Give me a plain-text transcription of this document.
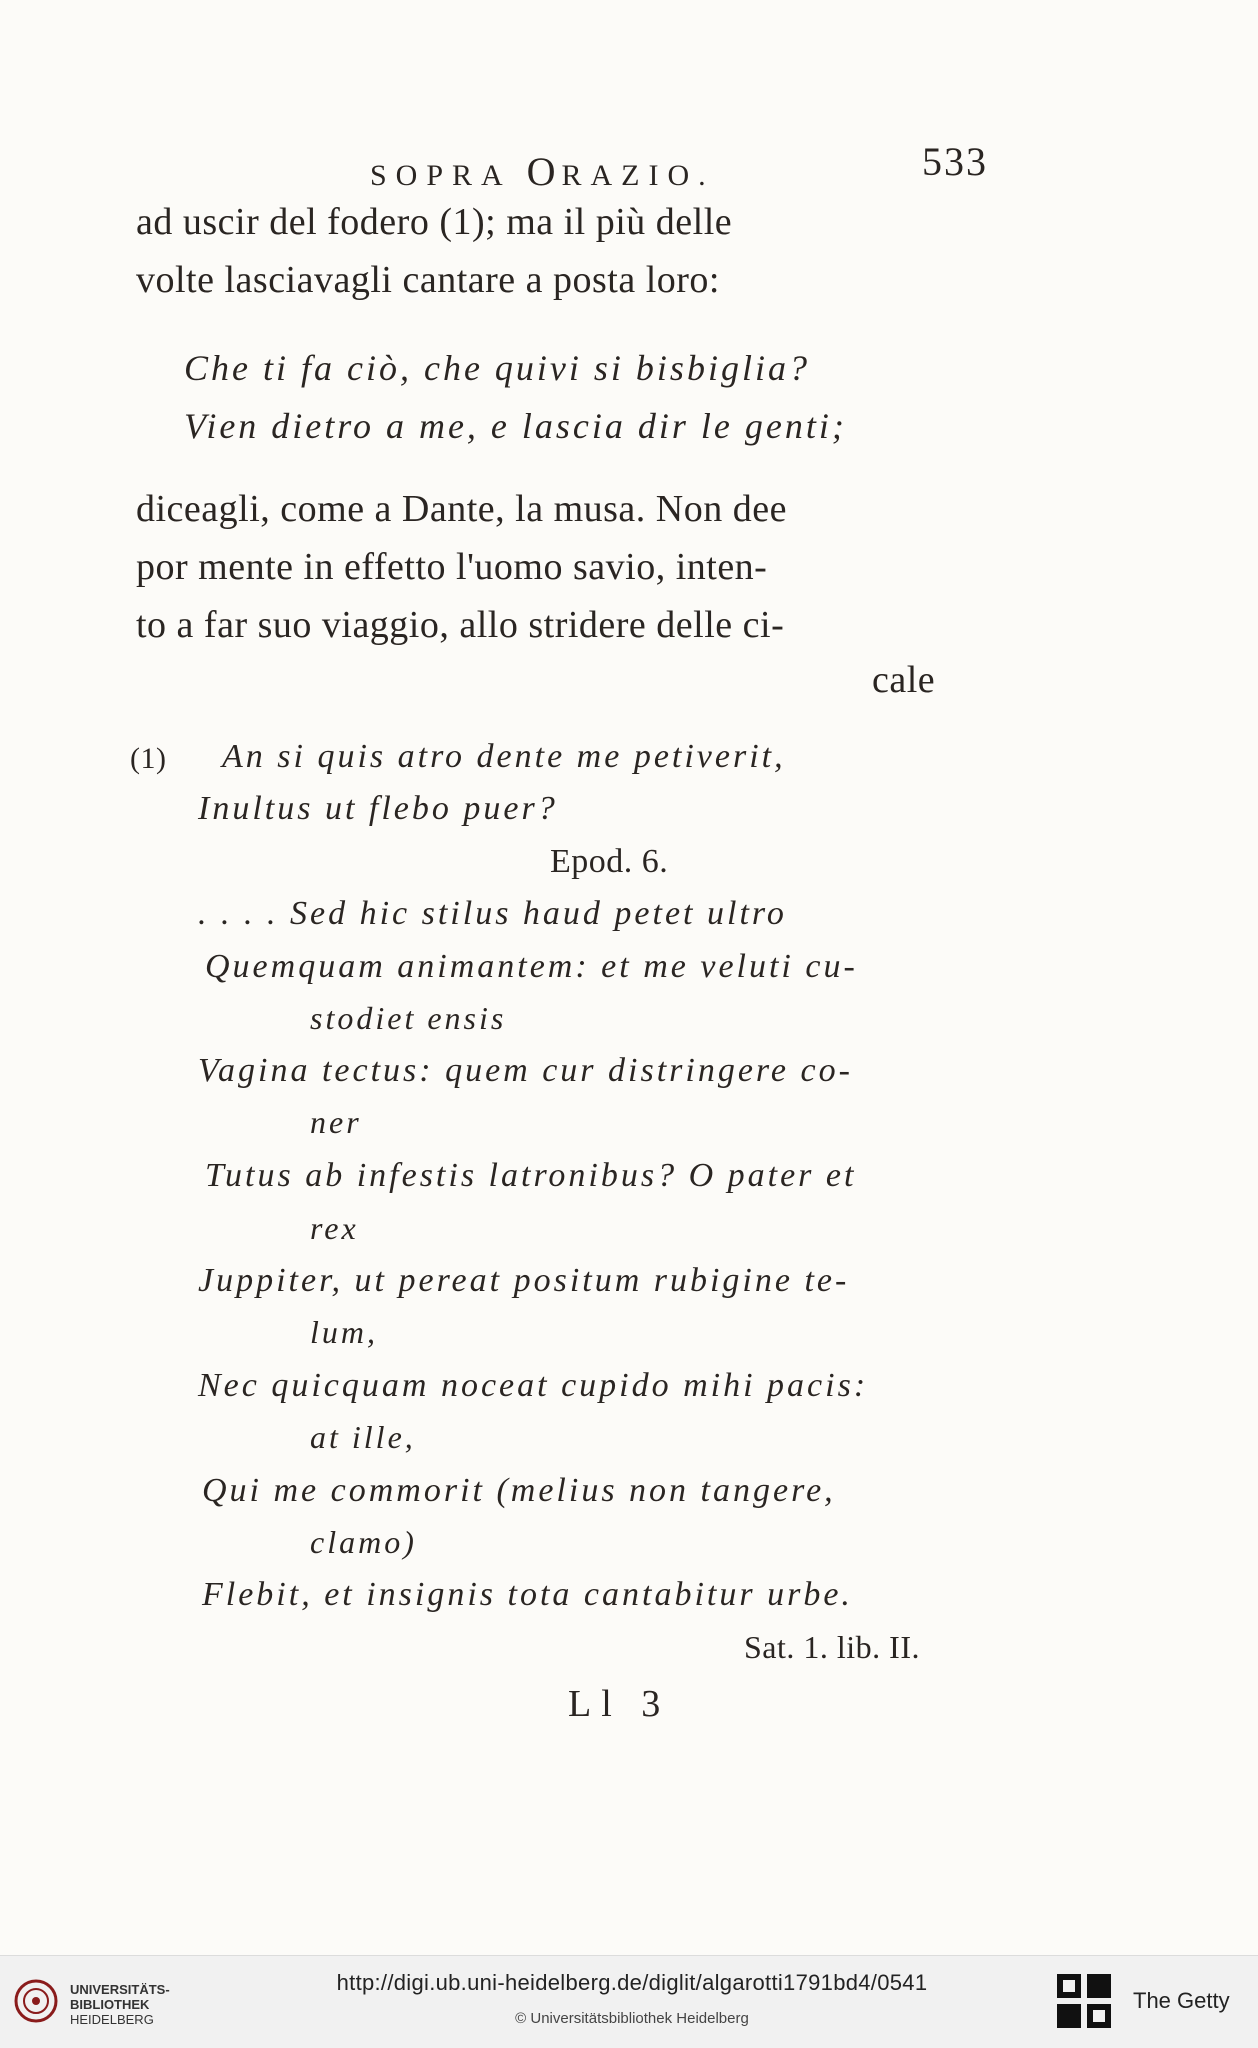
SOPRA ORAZIO.	533
ad uscir del fodero (1); ma il più delle
volte lasciavagli cantare a posta loro:
Che ti fa ciò, che quivi si bisbiglia?
Vien dietro a me, e lascia dir le genti;
diceagli, come a Dante, la musa. Non dee
por mente in effetto l'uomo savio, inten-
to a far suo viaggio, allo stridere delle ci-
cale
(1) An si quis atro dente me petiverit,
Inultus ut flebo puer?
Epod. 6.
. . . . Sed hic stilus haud petet ultro
Quemquam animantem: et me veluti cu-
stodiet ensis
Vagina tectus: quem cur distringere co-
ner
Tutus ab infestis latronibus? O pater et
rex
Juppiter, ut pereat positum rubigine te-
lum,
Nec quicquam noceat cupido mihi pacis:
at ille,
Qui me commorit (melius non tangere,
clamo)
Flebit, et insignis tota cantabitur urbe.
Sat. 1. lib. II.
Ll 3
UNIVERSITÄTS-
BIBLIOTHEK
HEIDELBERG
http://digi.ub.uni-heidelberg.de/diglit/algarotti1791bd4/0541
© Universitätsbibliothek Heidelberg
The Getty
